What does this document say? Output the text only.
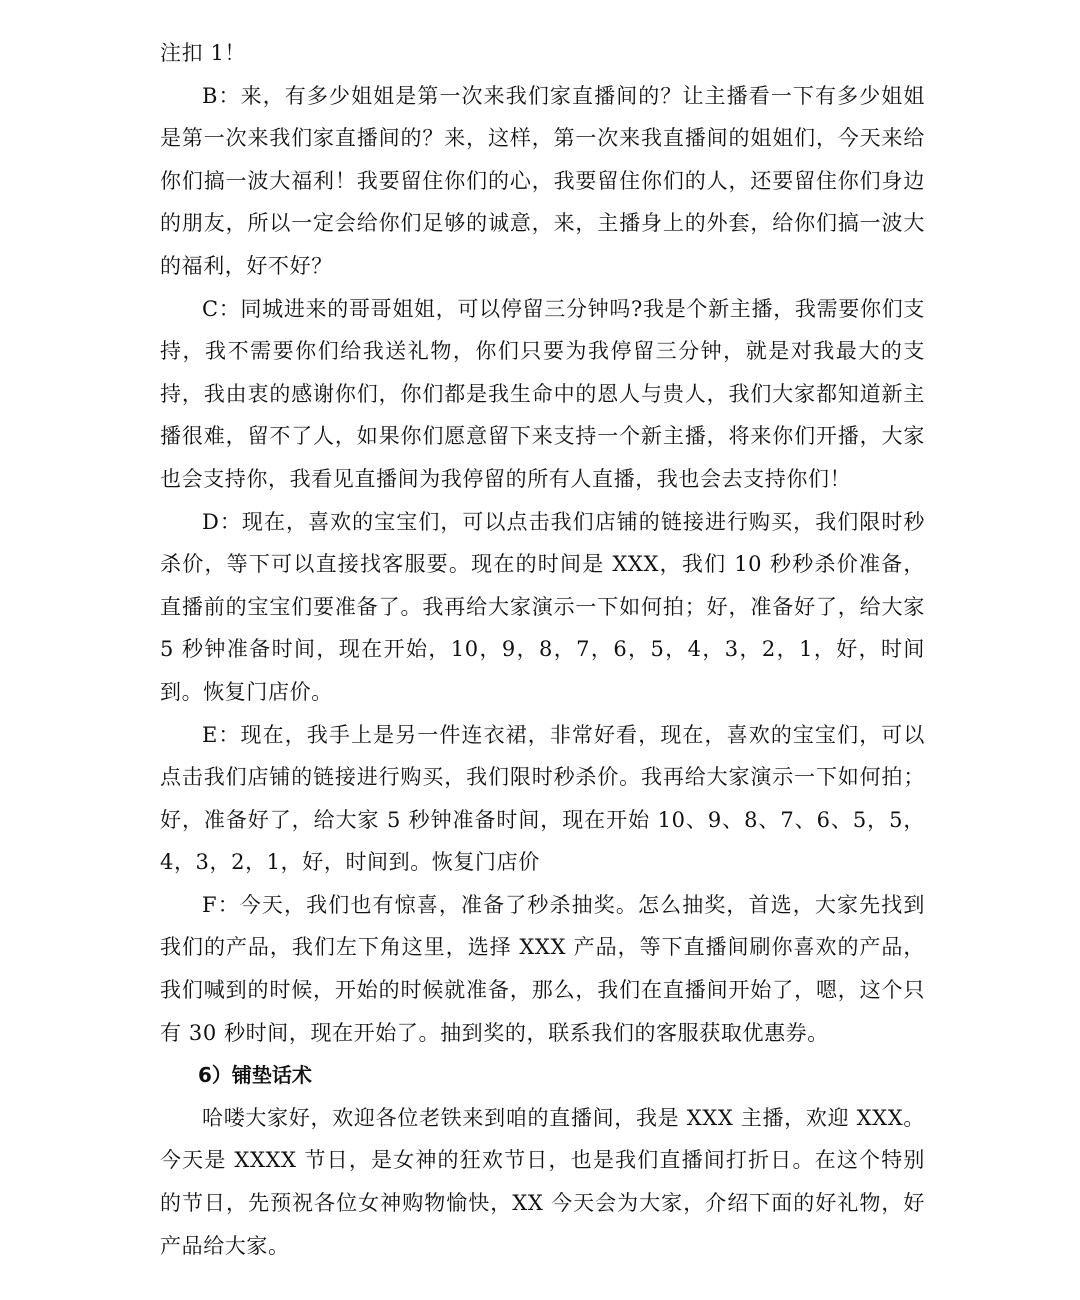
注扣 1！

B：来，有多少姐姐是第一次来我们家直播间的？让主播看一下有多少姐姐是第一次来我们家直播间的？来，这样，第一次来我直播间的姐姐们，今天来给你们搞一波大福利！我要留住你们的心，我要留住你们的人，还要留住你们身边的朋友，所以一定会给你们足够的诚意，来，主播身上的外套，给你们搞一波大的福利，好不好？

C：同城进来的哥哥姐姐，可以停留三分钟吗?我是个新主播，我需要你们支持，我不需要你们给我送礼物，你们只要为我停留三分钟，就是对我最大的支持，我由衷的感谢你们，你们都是我生命中的恩人与贵人，我们大家都知道新主播很难，留不了人，如果你们愿意留下来支持一个新主播，将来你们开播，大家也会支持你，我看见直播间为我停留的所有人直播，我也会去支持你们！

D：现在，喜欢的宝宝们，可以点击我们店铺的链接进行购买，我们限时秒杀价，等下可以直接找客服要。现在的时间是 XXX，我们 10 秒秒杀价准备，直播前的宝宝们要准备了。我再给大家演示一下如何拍；好，准备好了，给大家 5 秒钟准备时间，现在开始，10，9，8，7，6，5，4，3，2，1，好，时间到。恢复门店价。

E：现在，我手上是另一件连衣裙，非常好看，现在，喜欢的宝宝们，可以点击我们店铺的链接进行购买，我们限时秒杀价。我再给大家演示一下如何拍；好，准备好了，给大家 5 秒钟准备时间，现在开始 10、9、8、7、6、5，5，4，3，2，1，好，时间到。恢复门店价

F：今天，我们也有惊喜，准备了秒杀抽奖。怎么抽奖，首选，大家先找到我们的产品，我们左下角这里，选择 XXX 产品，等下直播间刷你喜欢的产品，我们喊到的时候，开始的时候就准备，那么，我们在直播间开始了，嗯，这个只有 30 秒时间，现在开始了。抽到奖的，联系我们的客服获取优惠券。

6）铺垫话术

哈喽大家好，欢迎各位老铁来到咱的直播间，我是 XXX 主播，欢迎 XXX。今天是 XXXX 节日，是女神的狂欢节日，也是我们直播间打折日。在这个特别的节日，先预祝各位女神购物愉快，XX 今天会为大家，介绍下面的好礼物，好产品给大家。
